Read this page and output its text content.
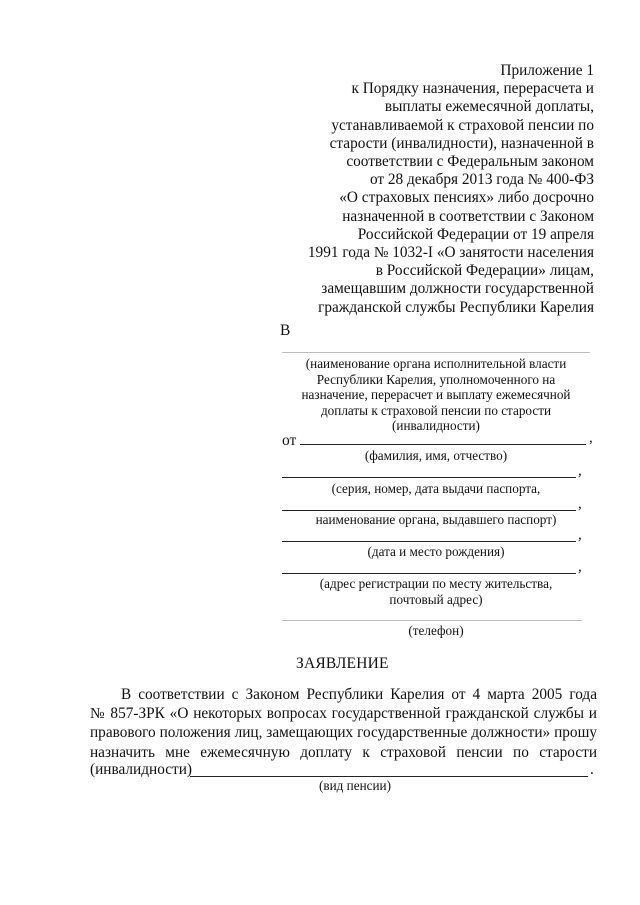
Приложение 1
к Порядку назначения, перерасчета и
выплаты ежемесячной доплаты,
устанавливаемой к страховой пенсии по
старости (инвалидности), назначенной в
соответствии с Федеральным законом
от 28 декабря 2013 года № 400-ФЗ
«О страховых пенсиях» либо досрочно
назначенной в соответствии с Законом
Российской Федерации от 19 апреля
1991 года № 1032-I «О занятости населения
в Российской Федерации» лицам,
замещавшим должности государственной
гражданской службы Республики Карелия
В
(наименование органа исполнительной власти
Республики Карелия, уполномоченного на
назначение, перерасчет и выплату ежемесячной
доплаты к страховой пенсии по старости
(инвалидности)
от	,
(фамилия, имя, отчество)
,
(серия, номер, дата выдачи паспорта,
,
наименование органа, выдавшего паспорт)
,
(дата и место рождения)
,
(адрес регистрации по месту жительства,
почтовый адрес)
(телефон)
ЗАЯВЛЕНИЕ
В соответствии с Законом Республики Карелия от 4 марта 2005 года
№ 857-ЗРК «О некоторых вопросах государственной гражданской службы и
правового положения лиц, замещающих государственные должности» прошу
назначить мне ежемесячную доплату к страховой пенсии по старости
(инвалидности)	.
(вид пенсии)
